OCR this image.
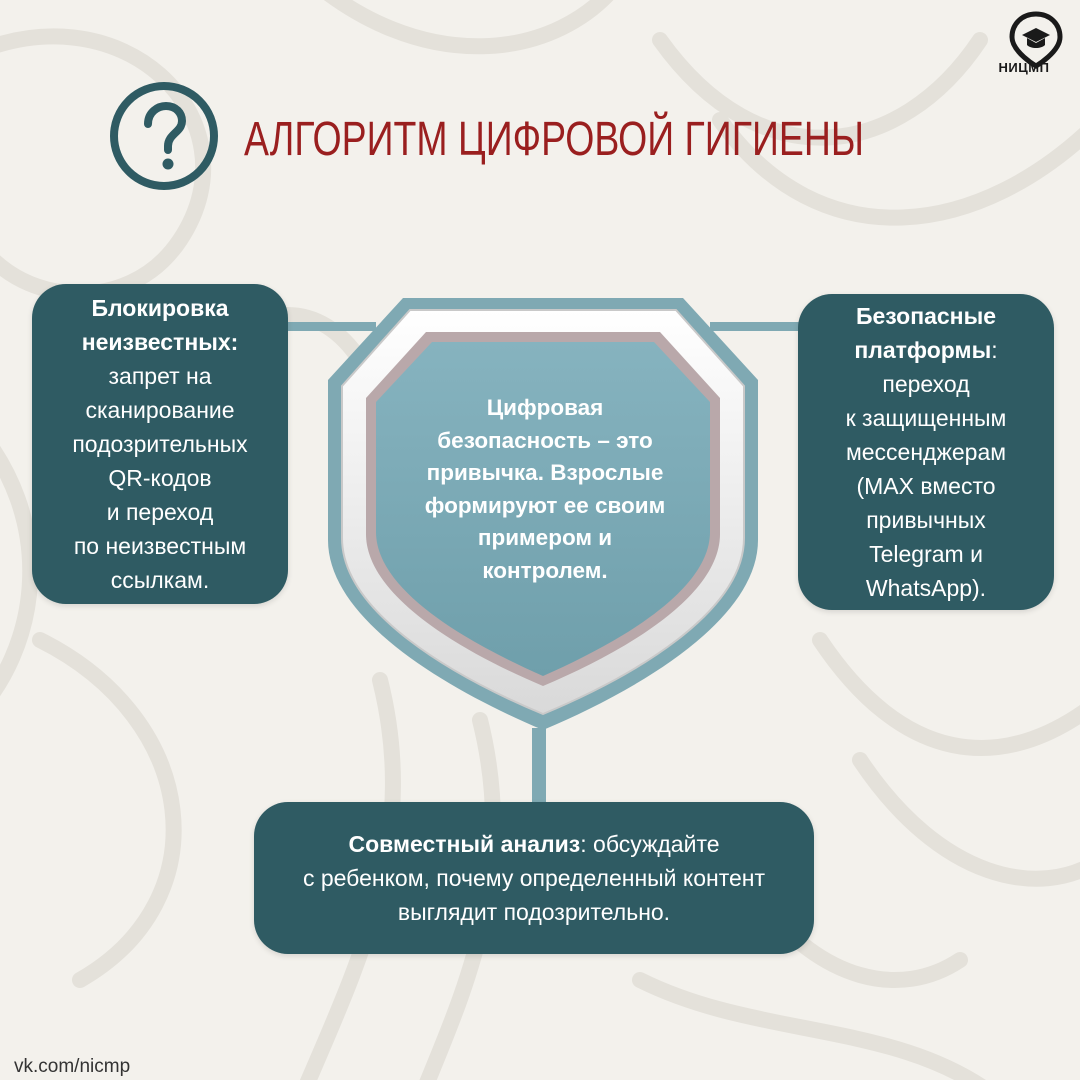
НИЦМП
АЛГОРИТМ ЦИФРОВОЙ ГИГИЕНЫ
Цифровая
безопасность – это
привычка. Взрослые
формируют ее своим
примером и
контролем.
Блокировка
неизвестных:
запрет на
сканирование
подозрительных
QR-кодов
и переход
по неизвестным
ссылкам.
Безопасные
платформы:
переход
к защищенным
мессенджерам
(MAX вместо
привычных
Telegram и
WhatsApp).
Совместный анализ: обсуждайте
с ребенком, почему определенный контент
выглядит подозрительно.
vk.com/nicmp
